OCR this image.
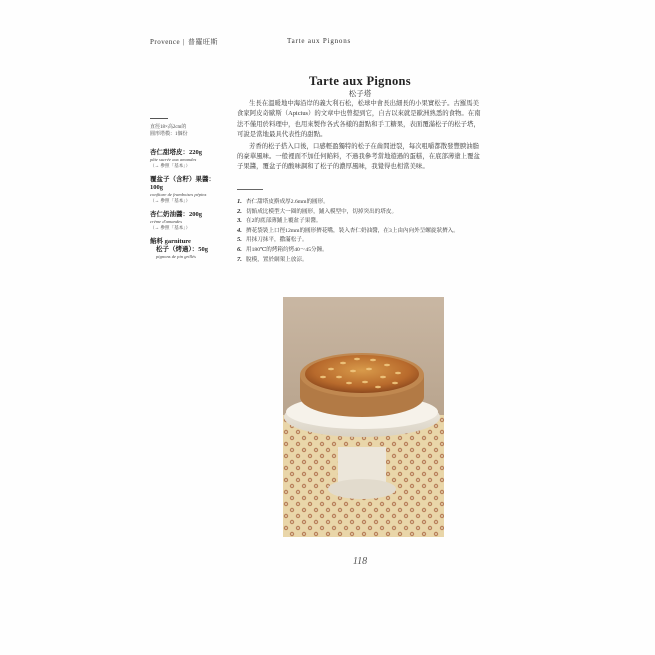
Provence | 普羅旺斯	Tarte aux Pignons
Tarte aux Pignons
松子塔
直徑18×高2cm的
圓形塔模：1個份
杏仁甜塔皮：220g
pâte sucrée aux amandes
（→ 參照「基本」）
覆盆子（含籽）果醬：100g
confiture de framboises pépins
（→ 參照「基本」）
杏仁奶油醬：200g
crème d'amandes
（→ 參照「基本」）
餡料 garniture
松子（烤過）：50g
pignons de pin grillés

生長在溫暖地中海沿岸的義大利石松，松球中會長出細長的小果實松子。古羅馬美食家阿皮奇歐斯（Apicius）的文章中也曾提到它，自古以來就是歐洲熟悉的食物。在南法不僅用於料理中，也用來製作各式各樣的甜點和手工糖果，表面覆滿松子的松子塔，可說是當地最具代表性的甜點。

芳香的松子搭入口後，口感輕盈獨特的松子在齒間迸裂，每次咀嚼都散發豐腴油脂的豪華風味。一般裡面不加任何餡料，不過我參考當地遊過的蛋糕，在底部薄塗上覆盆子果醬，覆盆子的酸味調和了松子的濃厚風味，我覺得也相當美味。

1. 杏仁甜塔皮擀成厚2.6mm的圓形。
2. 切餡成比模型大一圈的圓形，鋪入模型中，切掉突出的塔皮。
3. 在2的底部薄鋪上覆盆子果醬。
4. 擠花袋裝上口徑12mm的圓形擠花嘴，裝入杏仁奶油醬，在3上由內向外呈螺旋狀擠入。
5. 用抹刀抹平，撒滿松子。
6. 用180℃的烤箱約烤40～45分鐘。
7. 脫模，置於網架上放涼。
118
